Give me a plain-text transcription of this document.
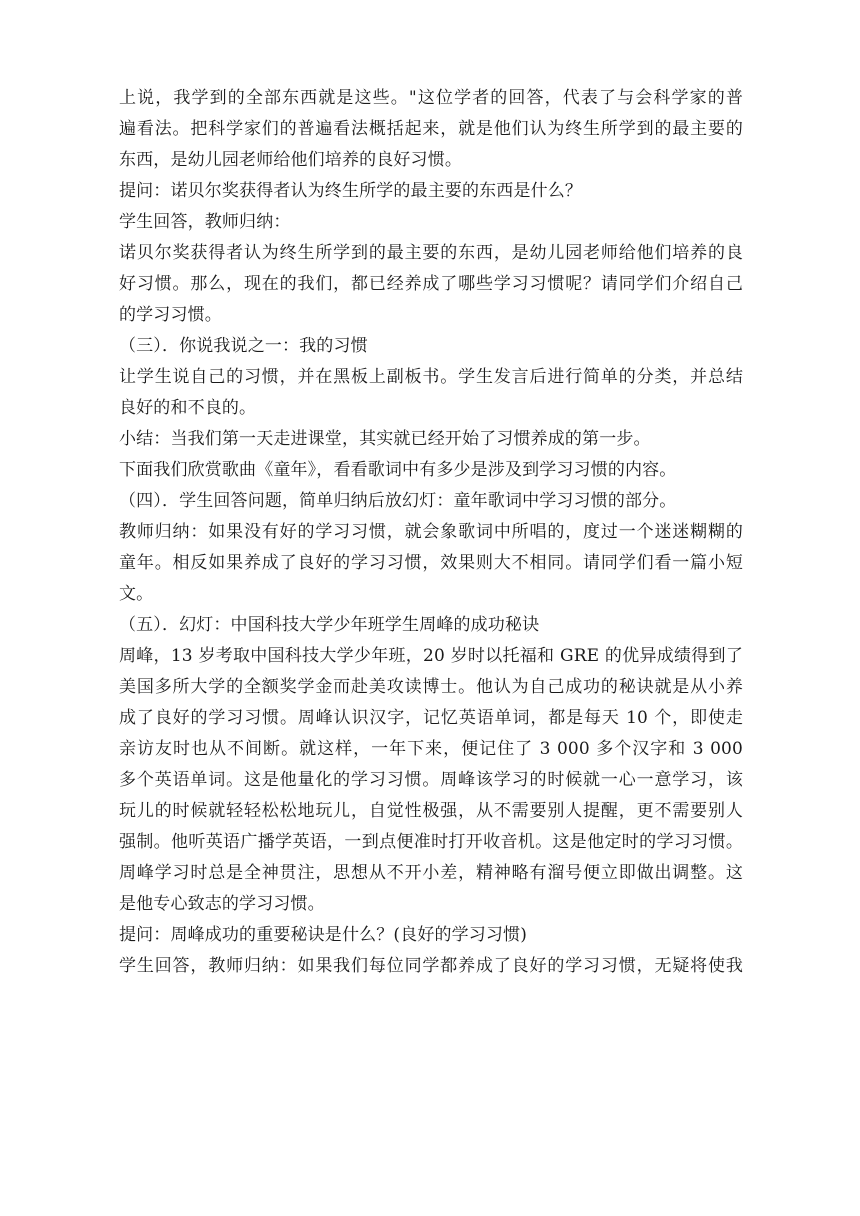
上说，我学到的全部东西就是这些。"这位学者的回答，代表了与会科学家的普
遍看法。把科学家们的普遍看法概括起来，就是他们认为终生所学到的最主要的
东西，是幼儿园老师给他们培养的良好习惯。
提问：诺贝尔奖获得者认为终生所学的最主要的东西是什么？
学生回答，教师归纳：
诺贝尔奖获得者认为终生所学到的最主要的东西，是幼儿园老师给他们培养的良
好习惯。那么，现在的我们，都已经养成了哪些学习习惯呢？请同学们介绍自己
的学习习惯。
（三）．你说我说之一：我的习惯
让学生说自己的习惯，并在黑板上副板书。学生发言后进行简单的分类，并总结
良好的和不良的。
小结：当我们第一天走进课堂，其实就已经开始了习惯养成的第一步。
下面我们欣赏歌曲《童年》，看看歌词中有多少是涉及到学习习惯的内容。
（四）．学生回答问题，简单归纳后放幻灯：童年歌词中学习习惯的部分。
教师归纳：如果没有好的学习习惯，就会象歌词中所唱的，度过一个迷迷糊糊的
童年。相反如果养成了良好的学习习惯，效果则大不相同。请同学们看一篇小短
文。
（五）．幻灯：中国科技大学少年班学生周峰的成功秘诀
周峰，13 岁考取中国科技大学少年班，20 岁时以托福和 GRE 的优异成绩得到了
美国多所大学的全额奖学金而赴美攻读博士。他认为自己成功的秘诀就是从小养
成了良好的学习习惯。周峰认识汉字，记忆英语单词，都是每天 10 个，即使走
亲访友时也从不间断。就这样，一年下来，便记住了 3 000 多个汉字和 3 000
多个英语单词。这是他量化的学习习惯。周峰该学习的时候就一心一意学习，该
玩儿的时候就轻轻松松地玩儿，自觉性极强，从不需要别人提醒，更不需要别人
强制。他听英语广播学英语，一到点便准时打开收音机。这是他定时的学习习惯。
周峰学习时总是全神贯注，思想从不开小差，精神略有溜号便立即做出调整。这
是他专心致志的学习习惯。
提问：周峰成功的重要秘诀是什么？(良好的学习习惯)
学生回答，教师归纳：如果我们每位同学都养成了良好的学习习惯，无疑将使我
